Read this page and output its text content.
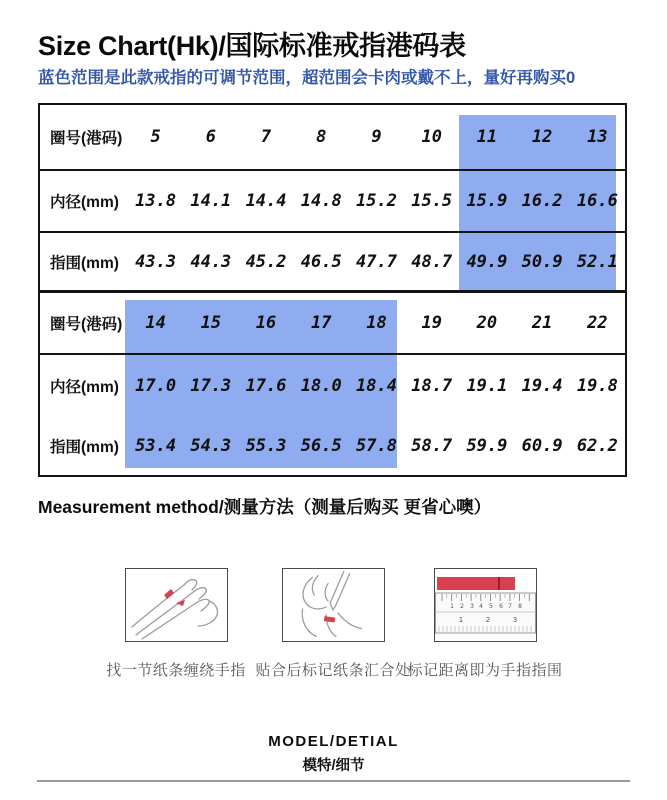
Size Chart(Hk)/国际标准戒指港码表

蓝色范围是此款戒指的可调节范围，超范围会卡肉或戴不上，量好再购买0

圈号(港码)	5	6	7	8	9	10	11	12	13
内径(mm) 13.8 14.1 14.4 14.8 15.2 15.5 15.9 16.2 16.6
指围(mm) 43.3 44.3 45.2 46.5 47.7 48.7 49.9 50.9 52.1
圈号(港码)	14	15	16	17	18	19	20	21	22
内径(mm) 17.0 17.3 17.6 18.0 18.4 18.7 19.1 19.4 19.8
指围(mm) 53.4 54.3 55.3 56.5 57.8 58.7 59.9 60.9 62.2
Measurement method/测量方法（测量后购买 更省心噢）
找一节纸条缠绕手指 贴合后标记纸条汇合处
1 2 3 4 5 6 7 8
1	2	3
标记距离即为手指指围
MODEL/DETIAL
模特/细节
